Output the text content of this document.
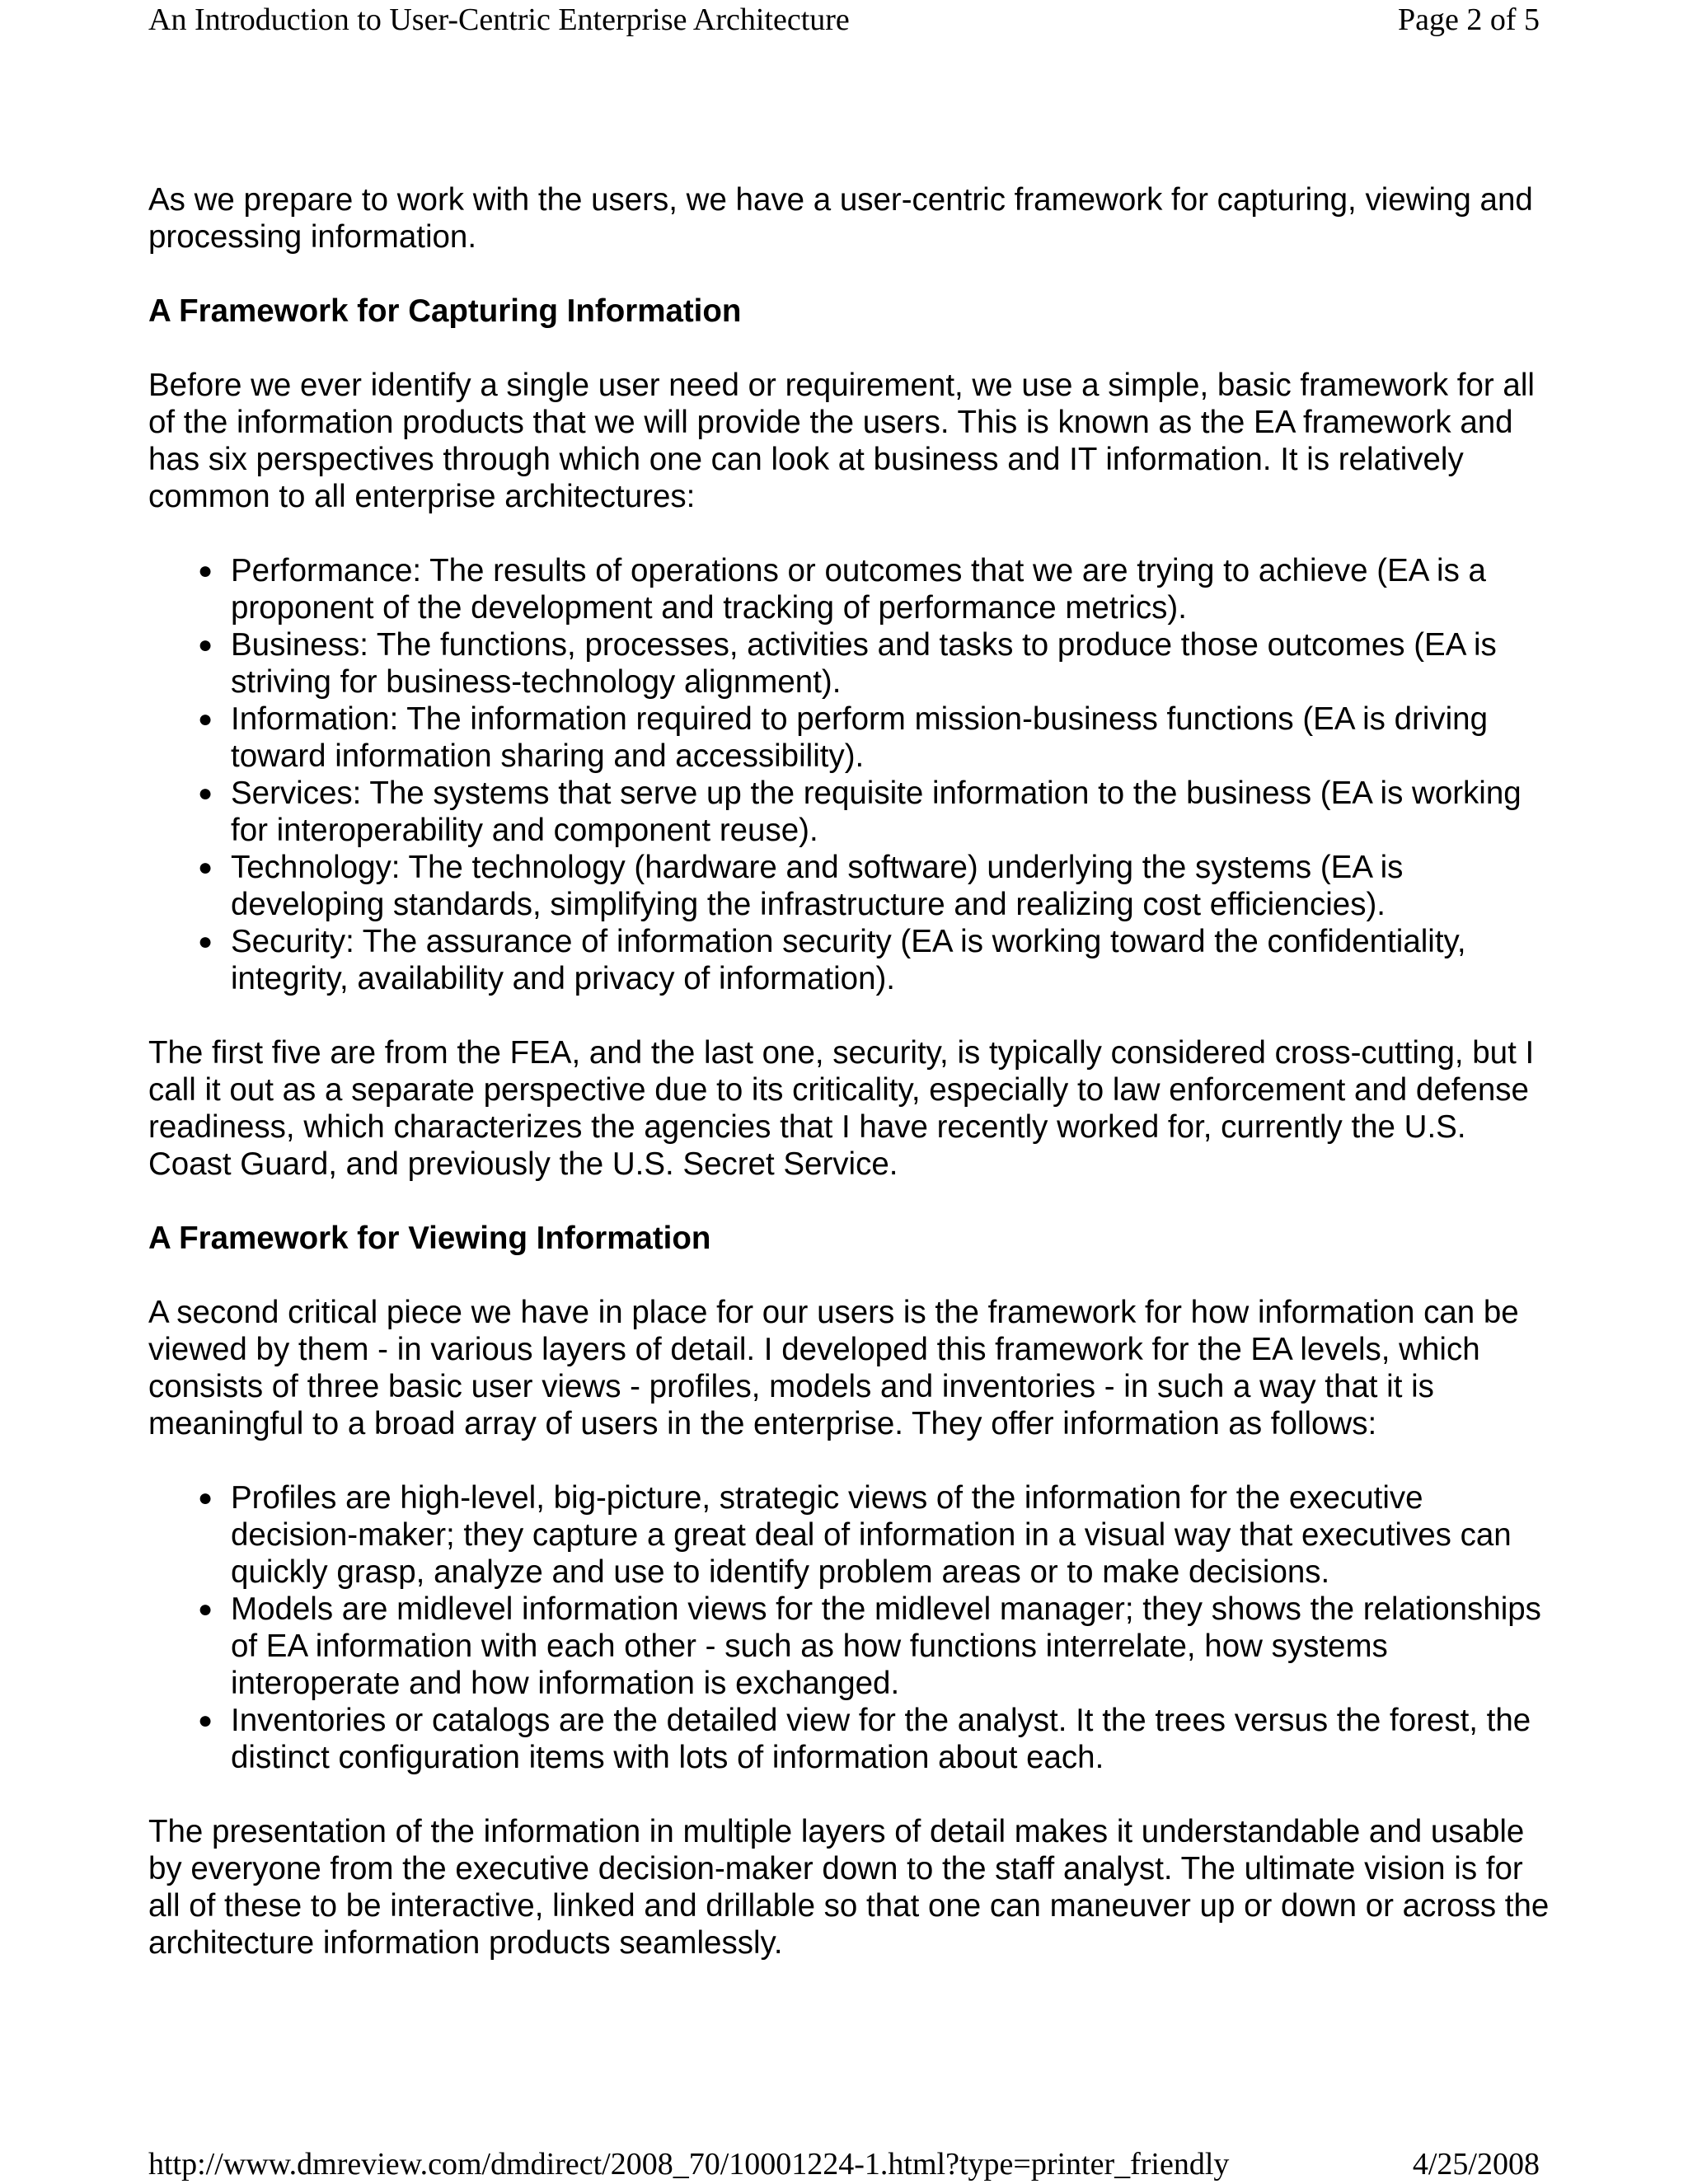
An Introduction to User-Centric Enterprise Architecture	Page 2 of 5

As we prepare to work with the users, we have a user-centric framework for capturing, viewing and processing information.

A Framework for Capturing Information

Before we ever identify a single user need or requirement, we use a simple, basic framework for all of the information products that we will provide the users. This is known as the EA framework and has six perspectives through which one can look at business and IT information. It is relatively common to all enterprise architectures:

● Performance: The results of operations or outcomes that we are trying to achieve (EA is a proponent of the development and tracking of performance metrics).
● Business: The functions, processes, activities and tasks to produce those outcomes (EA is striving for business-technology alignment).
● Information: The information required to perform mission-business functions (EA is driving toward information sharing and accessibility).
● Services: The systems that serve up the requisite information to the business (EA is working for interoperability and component reuse).
● Technology: The technology (hardware and software) underlying the systems (EA is developing standards, simplifying the infrastructure and realizing cost efficiencies).
● Security: The assurance of information security (EA is working toward the confidentiality, integrity, availability and privacy of information).

The first five are from the FEA, and the last one, security, is typically considered cross-cutting, but I call it out as a separate perspective due to its criticality, especially to law enforcement and defense readiness, which characterizes the agencies that I have recently worked for, currently the U.S. Coast Guard, and previously the U.S. Secret Service.

A Framework for Viewing Information

A second critical piece we have in place for our users is the framework for how information can be viewed by them - in various layers of detail. I developed this framework for the EA levels, which consists of three basic user views - profiles, models and inventories - in such a way that it is meaningful to a broad array of users in the enterprise. They offer information as follows:

● Profiles are high-level, big-picture, strategic views of the information for the executive decision-maker; they capture a great deal of information in a visual way that executives can quickly grasp, analyze and use to identify problem areas or to make decisions.
● Models are midlevel information views for the midlevel manager; they shows the relationships of EA information with each other - such as how functions interrelate, how systems interoperate and how information is exchanged.
● Inventories or catalogs are the detailed view for the analyst. It the trees versus the forest, the distinct configuration items with lots of information about each.

The presentation of the information in multiple layers of detail makes it understandable and usable by everyone from the executive decision-maker down to the staff analyst. The ultimate vision is for all of these to be interactive, linked and drillable so that one can maneuver up or down or across the architecture information products seamlessly.

http://www.dmreview.com/dmdirect/2008_70/10001224-1.html?type=printer_friendly	4/25/2008
